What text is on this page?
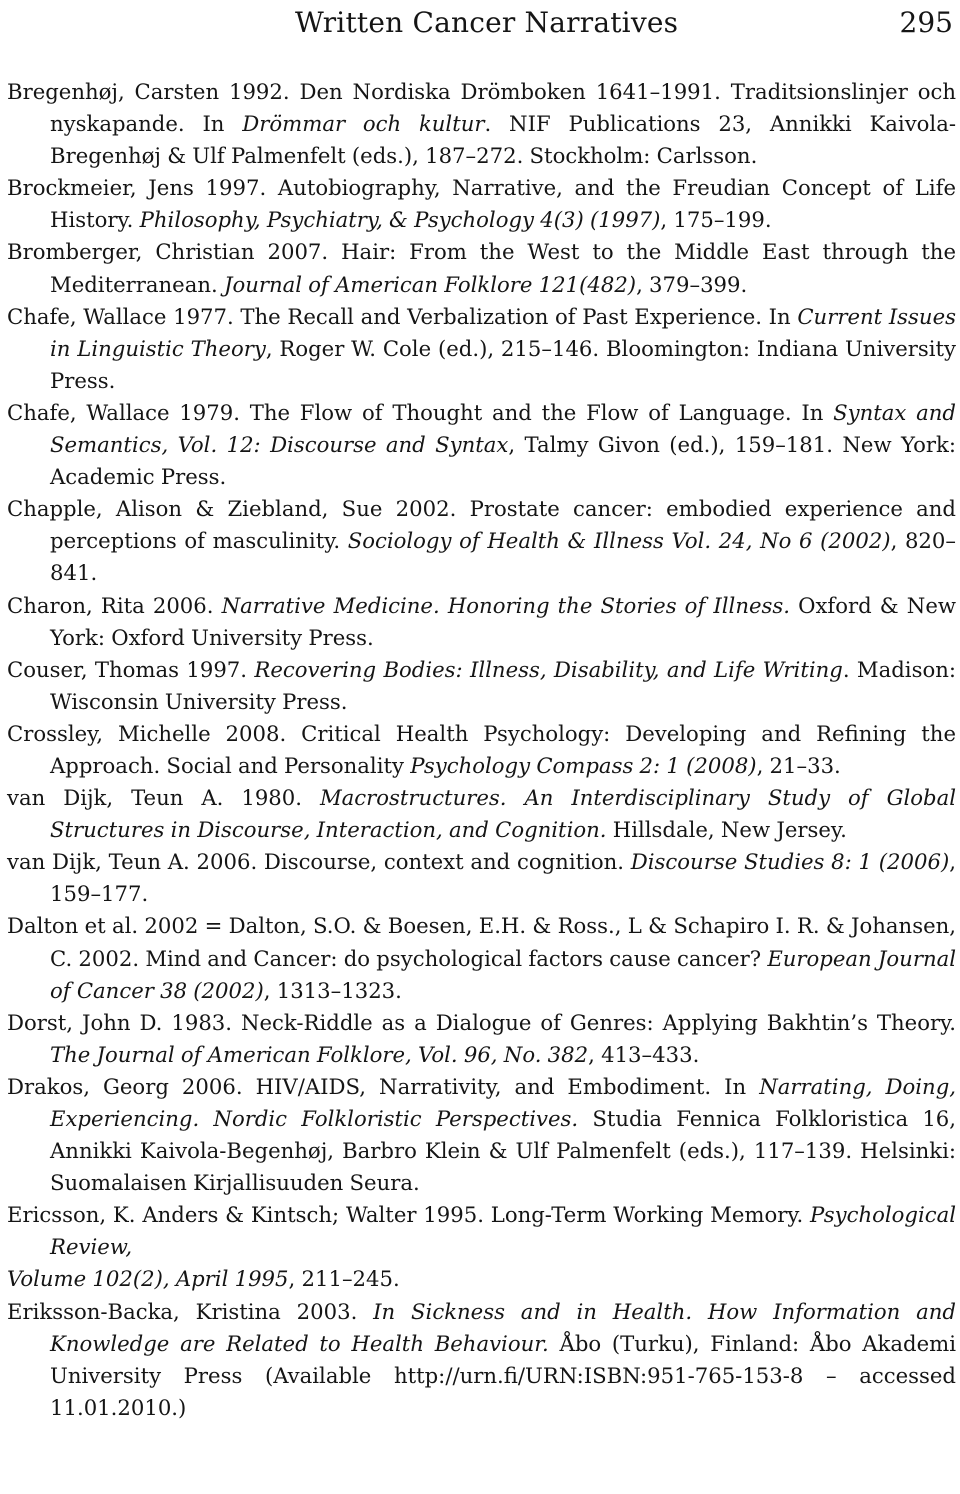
Written Cancer Narratives	295

Bregenhøj, Carsten 1992. Den Nordiska Drömboken 1641–1991. Traditsionslinjer och nyskapande. In Drömmar och kultur. NIF Publications 23, Annikki Kaivola-Bregenhøj & Ulf Palmenfelt (eds.), 187–272. Stockholm: Carlsson.

Brockmeier, Jens 1997. Autobiography, Narrative, and the Freudian Concept of Life History. Philosophy, Psychiatry, & Psychology 4(3) (1997), 175–199.

Bromberger, Christian 2007. Hair: From the West to the Middle East through the Mediterranean. Journal of American Folklore 121(482), 379–399.

Chafe, Wallace 1977. The Recall and Verbalization of Past Experience. In Current Issues in Linguistic Theory, Roger W. Cole (ed.), 215–146. Bloomington: Indiana University Press.

Chafe, Wallace 1979. The Flow of Thought and the Flow of Language. In Syntax and Semantics, Vol. 12: Discourse and Syntax, Talmy Givon (ed.), 159–181. New York: Academic Press.

Chapple, Alison & Ziebland, Sue 2002. Prostate cancer: embodied experience and perceptions of masculinity. Sociology of Health & Illness Vol. 24, No 6 (2002), 820–841.

Charon, Rita 2006. Narrative Medicine. Honoring the Stories of Illness. Oxford & New York: Oxford University Press.

Couser, Thomas 1997. Recovering Bodies: Illness, Disability, and Life Writing. Madison: Wisconsin University Press.

Crossley, Michelle 2008. Critical Health Psychology: Developing and Refining the Approach. Social and Personality Psychology Compass 2: 1 (2008), 21–33.

van Dijk, Teun A. 1980. Macrostructures. An Interdisciplinary Study of Global Structures in Discourse, Interaction, and Cognition. Hillsdale, New Jersey.

van Dijk, Teun A. 2006. Discourse, context and cognition. Discourse Studies 8: 1 (2006), 159–177.

Dalton et al. 2002 = Dalton, S.O. & Boesen, E.H. & Ross., L & Schapiro I. R. & Johansen, C. 2002. Mind and Cancer: do psychological factors cause cancer? European Journal of Cancer 38 (2002), 1313–1323.

Dorst, John D. 1983. Neck-Riddle as a Dialogue of Genres: Applying Bakhtin’s Theory. The Journal of American Folklore, Vol. 96, No. 382, 413–433.

Drakos, Georg 2006. HIV/AIDS, Narrativity, and Embodiment. In Narrating, Doing, Experiencing. Nordic Folkloristic Perspectives. Studia Fennica Folkloristica 16, Annikki Kaivola-Begenhøj, Barbro Klein & Ulf Palmenfelt (eds.), 117–139. Helsinki: Suomalaisen Kirjallisuuden Seura.

Ericsson, K. Anders & Kintsch; Walter 1995. Long-Term Working Memory. Psychological Review,

Volume 102(2), April 1995, 211–245.

Eriksson-Backa, Kristina 2003. In Sickness and in Health. How Information and Knowledge are Related to Health Behaviour. Åbo (Turku), Finland: Åbo Akademi University Press (Available http://urn.fi/URN:ISBN:951-765-153-8 – accessed 11.01.2010.)
